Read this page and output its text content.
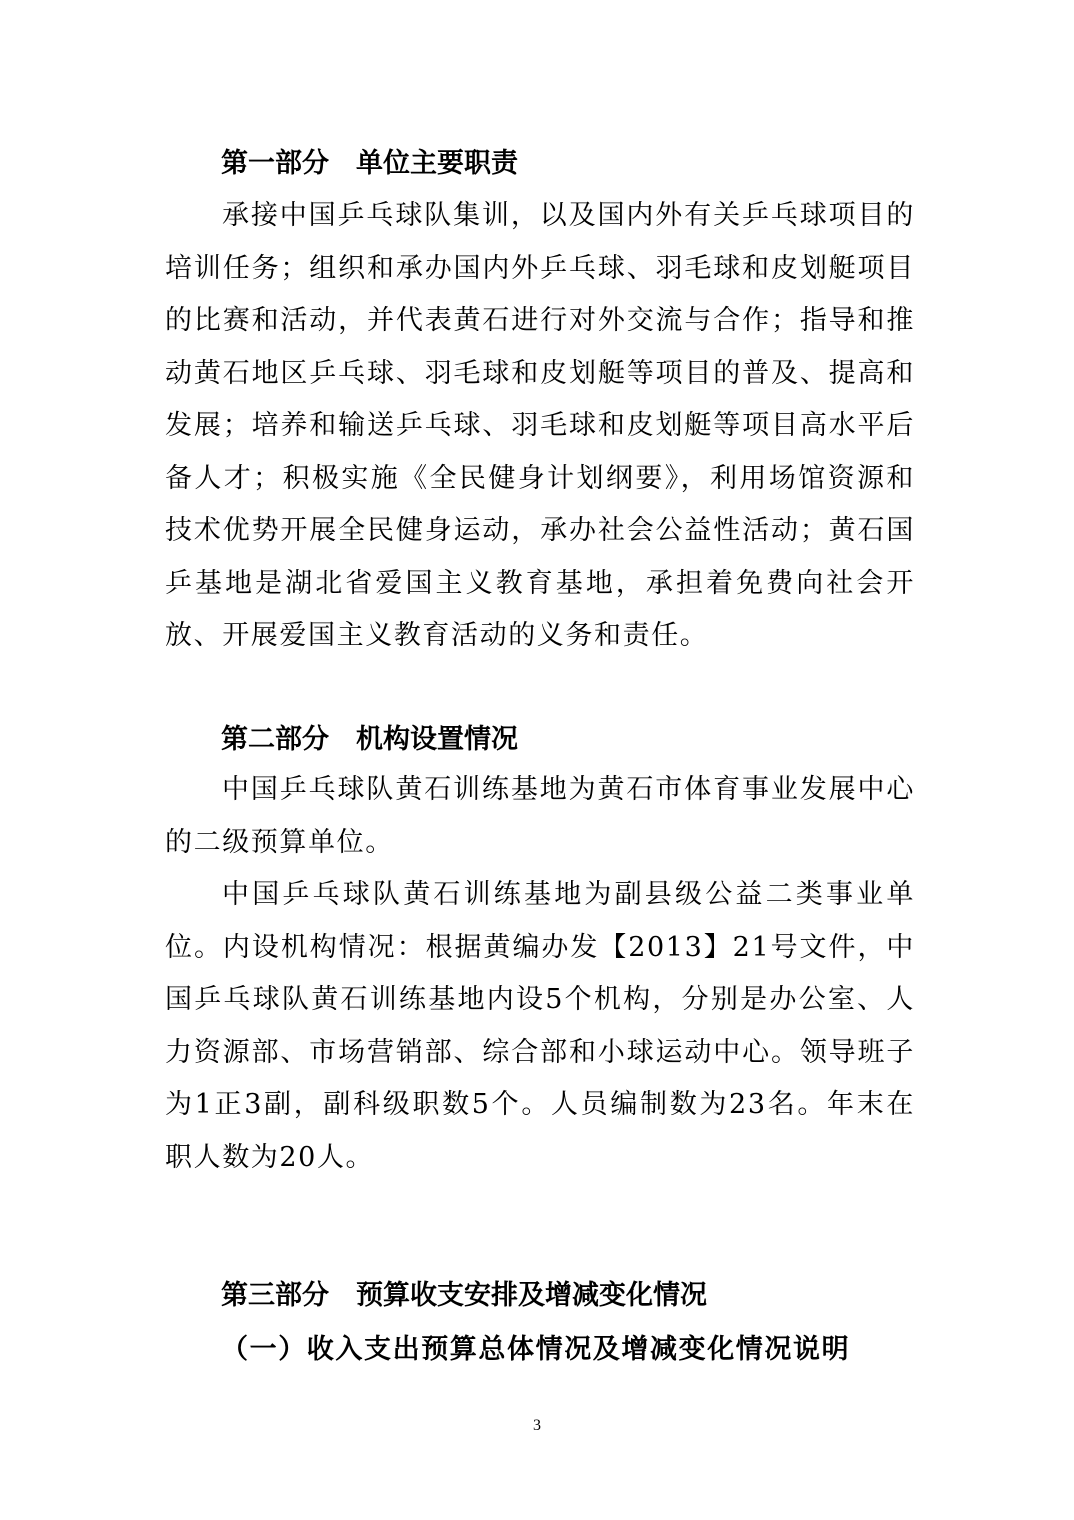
第一部分　单位主要职责

承接中国乒乓球队集训，以及国内外有关乒乓球项目的培训任务；组织和承办国内外乒乓球、羽毛球和皮划艇项目的比赛和活动，并代表黄石进行对外交流与合作；指导和推动黄石地区乒乓球、羽毛球和皮划艇等项目的普及、提高和发展；培养和输送乒乓球、羽毛球和皮划艇等项目高水平后备人才；积极实施《全民健身计划纲要》，利用场馆资源和技术优势开展全民健身运动，承办社会公益性活动；黄石国乒基地是湖北省爱国主义教育基地，承担着免费向社会开放、开展爱国主义教育活动的义务和责任。

第二部分　机构设置情况

中国乒乓球队黄石训练基地为黄石市体育事业发展中心的二级预算单位。

中国乒乓球队黄石训练基地为副县级公益二类事业单位。内设机构情况：根据黄编办发【2013】21号文件，中国乒乓球队黄石训练基地内设5个机构，分别是办公室、人力资源部、市场营销部、综合部和小球运动中心。领导班子为1正3副，副科级职数5个。人员编制数为23名。年末在职人数为20人。

第三部分　预算收支安排及增减变化情况
（一）收入支出预算总体情况及增减变化情况说明
3
